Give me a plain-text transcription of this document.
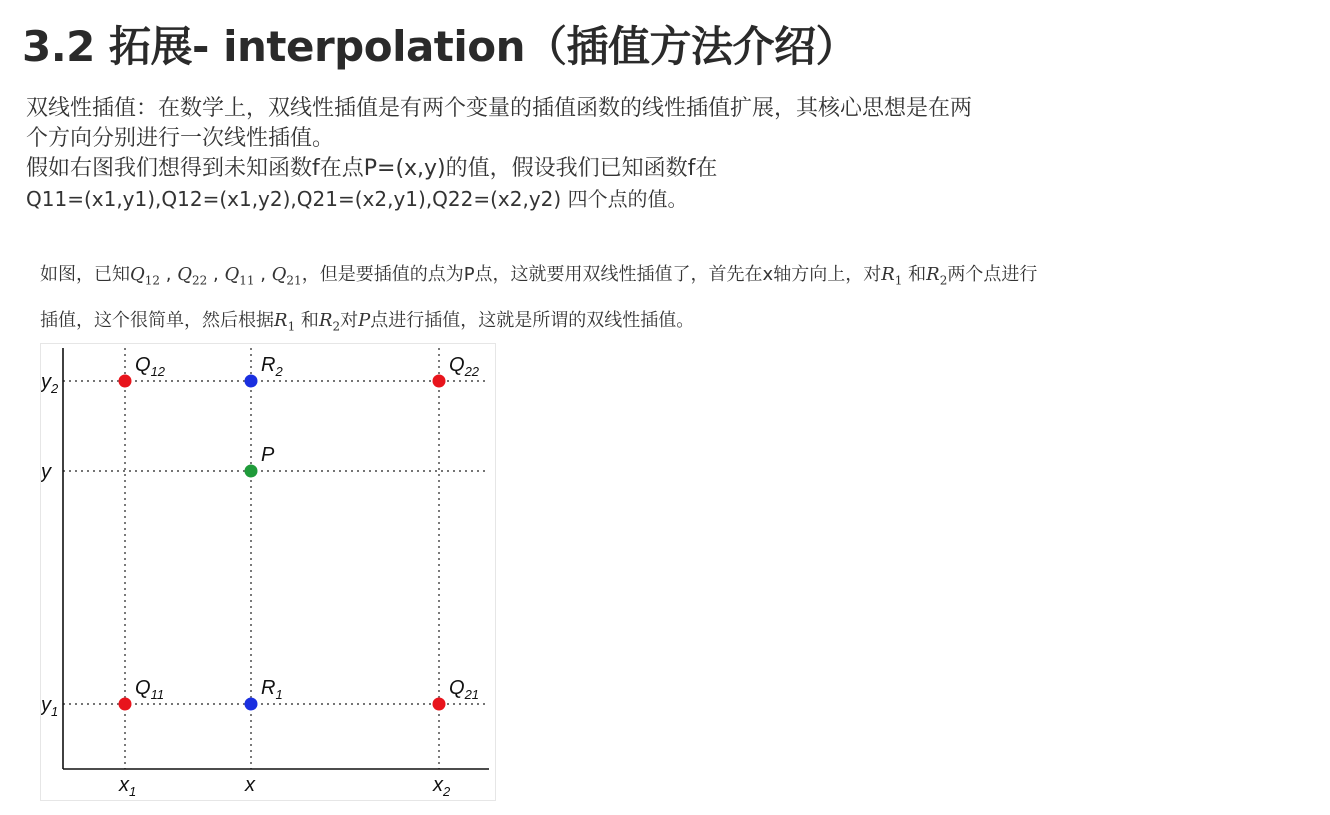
3.2 拓展- interpolation（插值方法介绍）
双线性插值：在数学上，双线性插值是有两个变量的插值函数的线性插值扩展，其核心思想是在两
个方向分别进行一次线性插值。
假如右图我们想得到未知函数f在点P=(x,y)的值，假设我们已知函数f在
Q11=(x1,y1),Q12=(x1,y2),Q21=(x2,y1),Q22=(x2,y2) 四个点的值。
如图，已知$Q_{12}$ , $Q_{22}$ , $Q_{11}$ , $Q_{21}$，但是要插值的点为P点，这就要用双线性插值了，首先在x轴方向上，对$R_1$ 和$R_2$两个点进行
插值，这个很简单，然后根据$R_1$ 和$R_2$对P点进行插值，这就是所谓的双线性插值。
$x_1$	x	$x_2$
$y_1$
y
$y_2$
$Q_{12}$	$R_2$	$Q_{22}$
P
$Q_{11}$	$R_1$	$Q_{21}$
